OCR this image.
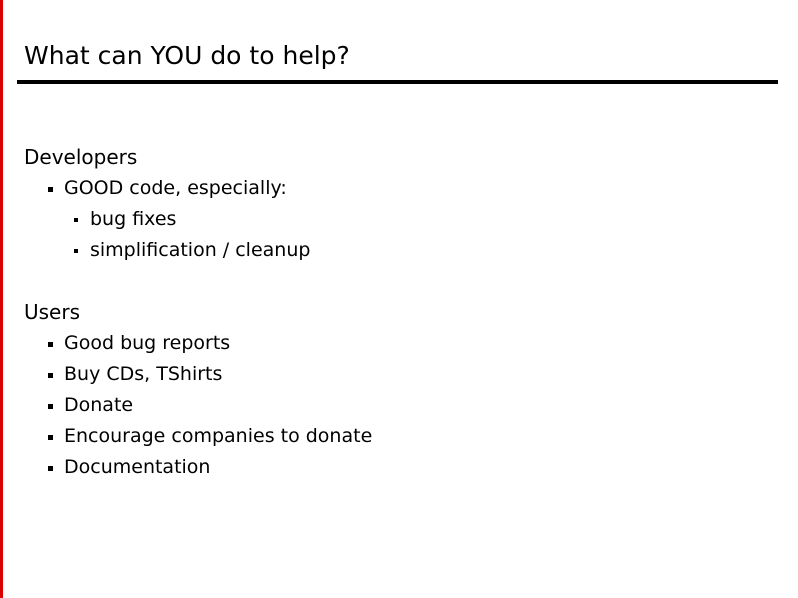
What can YOU do to help?
Developers
GOOD code, especially:
bug fixes
simplification / cleanup
Users
Good bug reports
Buy CDs, TShirts
Donate
Encourage companies to donate
Documentation
